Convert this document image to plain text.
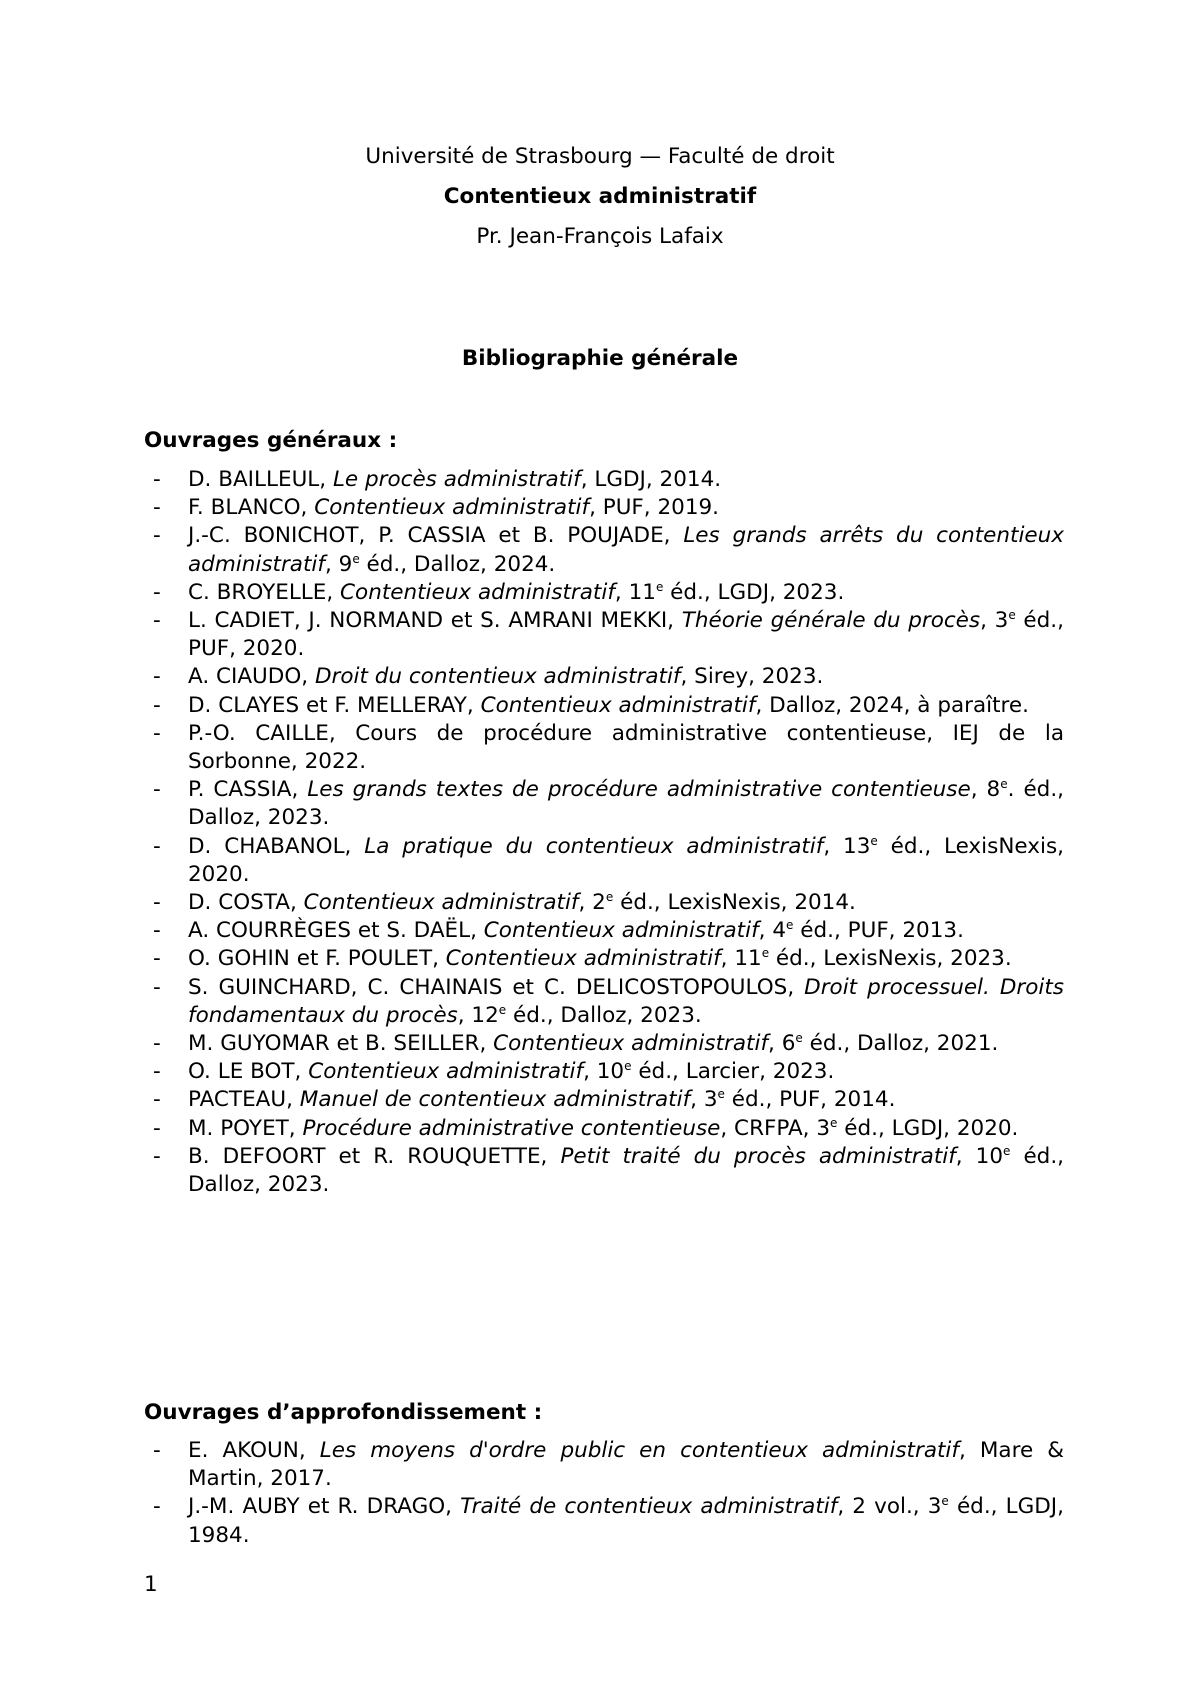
Université de Strasbourg — Faculté de droit
Contentieux administratif
Pr. Jean-François Lafaix
Bibliographie générale
Ouvrages généraux :
- D. BAILLEUL, Le procès administratif, LGDJ, 2014.
- F. BLANCO, Contentieux administratif, PUF, 2019.
- J.-C. BONICHOT, P. CASSIA et B. POUJADE, Les grands arrêts du contentieux administratif, 9e éd., Dalloz, 2024.
- C. BROYELLE, Contentieux administratif, 11e éd., LGDJ, 2023.
- L. CADIET, J. NORMAND et S. AMRANI MEKKI, Théorie générale du procès, 3e éd., PUF, 2020.
- A. CIAUDO, Droit du contentieux administratif, Sirey, 2023.
- D. CLAYES et F. MELLERAY, Contentieux administratif, Dalloz, 2024, à paraître.
- P.-O. CAILLE, Cours de procédure administrative contentieuse, IEJ de la Sorbonne, 2022.
- P. CASSIA, Les grands textes de procédure administrative contentieuse, 8e. éd., Dalloz, 2023.
- D. CHABANOL, La pratique du contentieux administratif, 13e éd., LexisNexis, 2020.
- D. COSTA, Contentieux administratif, 2e éd., LexisNexis, 2014.
- A. COURRÈGES et S. DAËL, Contentieux administratif, 4e éd., PUF, 2013.
- O. GOHIN et F. POULET, Contentieux administratif, 11e éd., LexisNexis, 2023.
- S. GUINCHARD, C. CHAINAIS et C. DELICOSTOPOULOS, Droit processuel. Droits fondamentaux du procès, 12e éd., Dalloz, 2023.
- M. GUYOMAR et B. SEILLER, Contentieux administratif, 6e éd., Dalloz, 2021.
- O. LE BOT, Contentieux administratif, 10e éd., Larcier, 2023.
- PACTEAU, Manuel de contentieux administratif, 3e éd., PUF, 2014.
- M. POYET, Procédure administrative contentieuse, CRFPA, 3e éd., LGDJ, 2020.
- B. DEFOORT et R. ROUQUETTE, Petit traité du procès administratif, 10e éd., Dalloz, 2023.
Ouvrages d’approfondissement :
- E. AKOUN, Les moyens d'ordre public en contentieux administratif, Mare & Martin, 2017.
- J.-M. AUBY et R. DRAGO, Traité de contentieux administratif, 2 vol., 3e éd., LGDJ, 1984.
1
